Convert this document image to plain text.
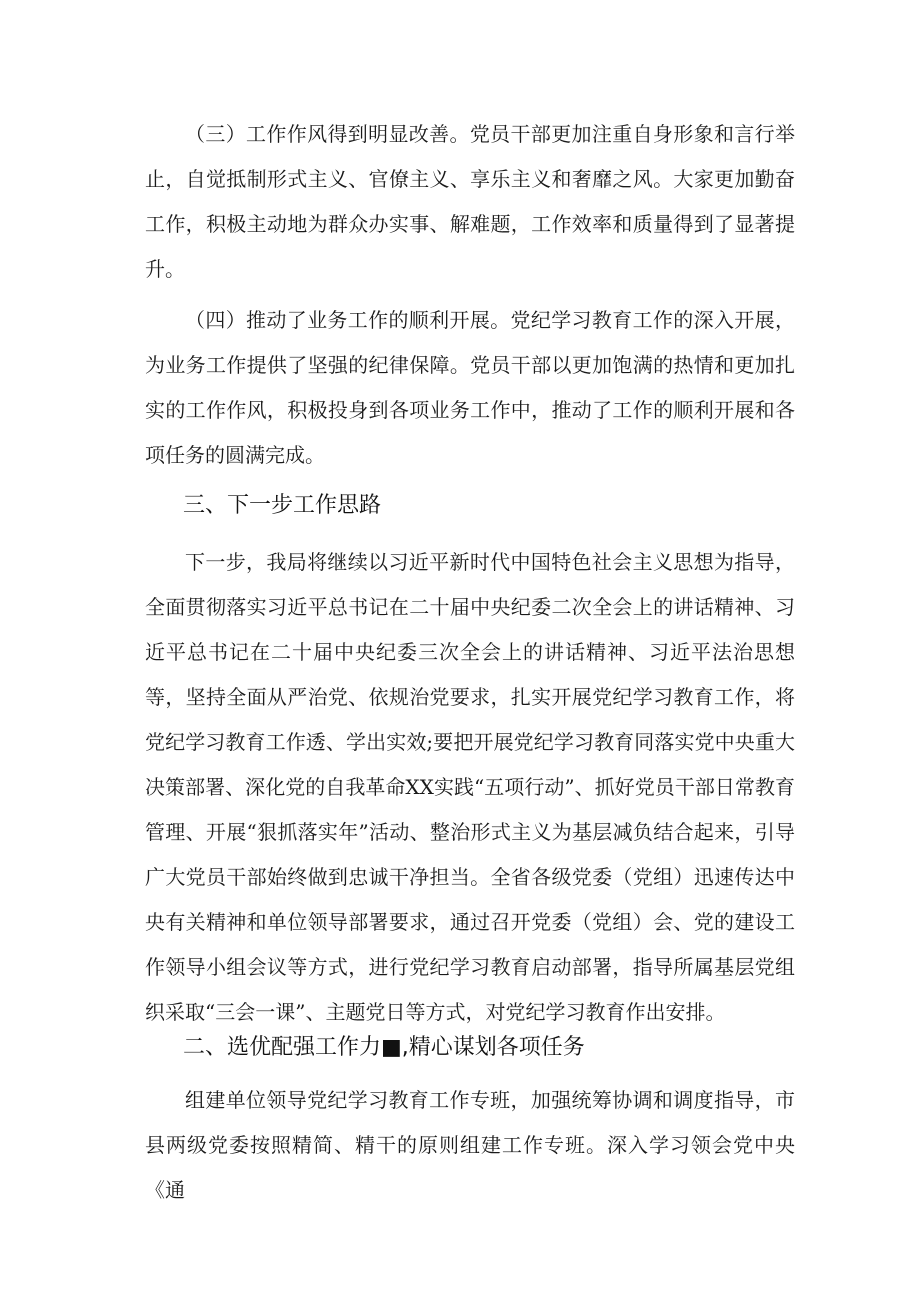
（三）工作作风得到明显改善。党员干部更加注重自身形象和言行举止，自觉抵制形式主义、官僚主义、享乐主义和奢靡之风。大家更加勤奋工作，积极主动地为群众办实事、解难题，工作效率和质量得到了显著提升。

（四）推动了业务工作的顺利开展。党纪学习教育工作的深入开展，为业务工作提供了坚强的纪律保障。党员干部以更加饱满的热情和更加扎实的工作作风，积极投身到各项业务工作中，推动了工作的顺利开展和各项任务的圆满完成。

三、下一步工作思路

下一步，我局将继续以习近平新时代中国特色社会主义思想为指导，全面贯彻落实习近平总书记在二十届中央纪委二次全会上的讲话精神、习近平总书记在二十届中央纪委三次全会上的讲话精神、习近平法治思想等，坚持全面从严治党、依规治党要求，扎实开展党纪学习教育工作，将党纪学习教育工作透、学出实效;要把开展党纪学习教育同落实党中央重大决策部署、深化党的自我革命XX实践“五项行动”、抓好党员干部日常教育管理、开展“狠抓落实年”活动、整治形式主义为基层减负结合起来，引导广大党员干部始终做到忠诚干净担当。全省各级党委（党组）迅速传达中央有关精神和单位领导部署要求，通过召开党委（党组）会、党的建设工作领导小组会议等方式，进行党纪学习教育启动部署，指导所属基层党组织采取“三会一课”、主题党日等方式，对党纪学习教育作出安排。

二、选优配强工作力■,精心谋划各项任务

组建单位领导党纪学习教育工作专班，加强统筹协调和调度指导，市县两级党委按照精简、精干的原则组建工作专班。深入学习领会党中央《通
